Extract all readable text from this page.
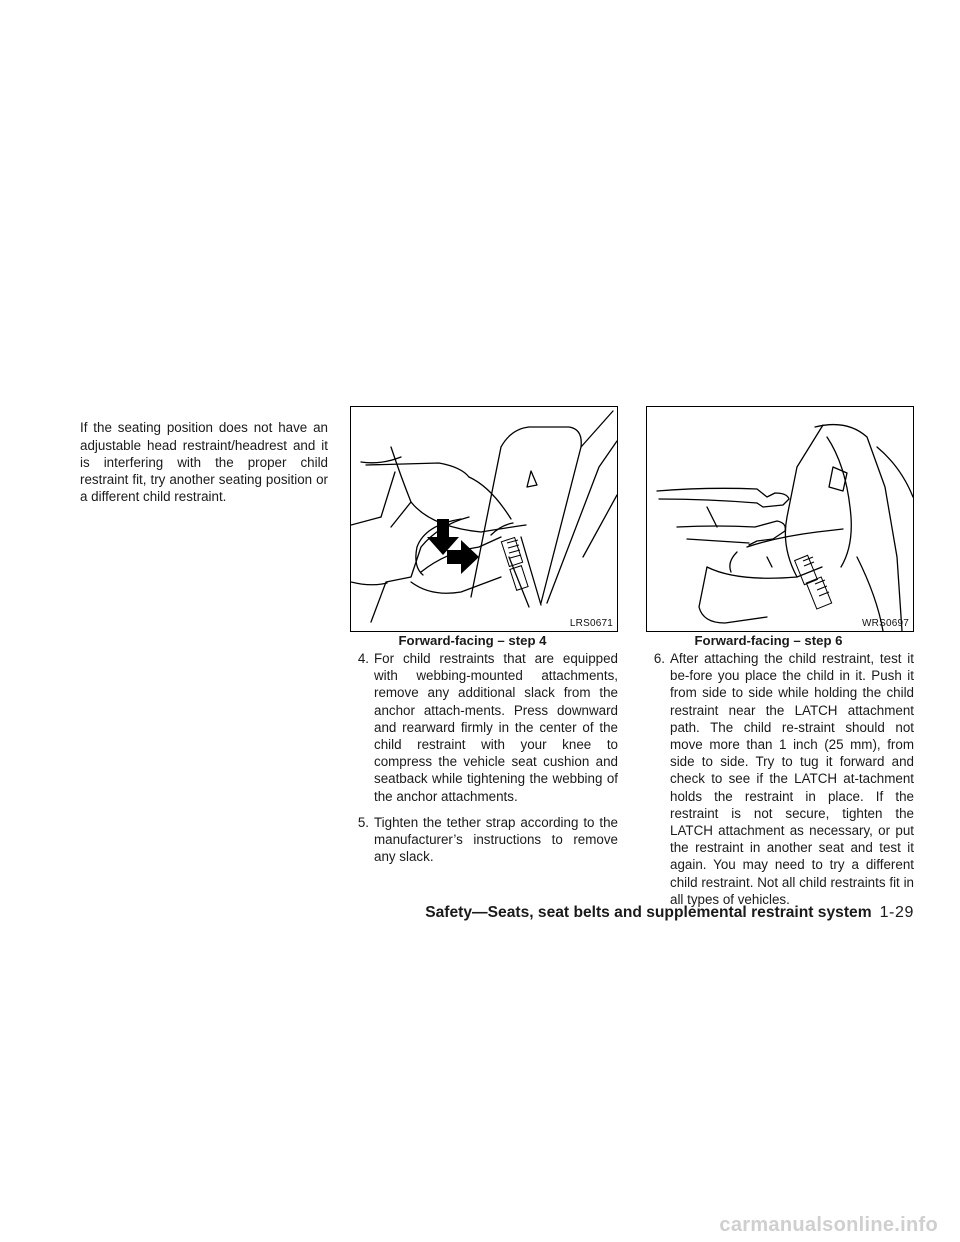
If the seating position does not have an adjustable head restraint/headrest and it is interfering with the proper child restraint fit, try another seating position or a different child restraint.

LRS0671	WRS0697
Forward-facing – step 4	Forward-facing – step 6
4. For child restraints that are equipped with webbing-mounted attachments, remove any additional slack from the anchor attach-ments. Press downward and rearward firmly in the center of the child restraint with your knee to compress the vehicle seat cushion and seatback while tightening the webbing of the anchor attachments.
5. Tighten the tether strap according to the manufacturer’s instructions to remove any slack.
6. After attaching the child restraint, test it be-fore you place the child in it. Push it from side to side while holding the child restraint near the LATCH attachment path. The child re-straint should not move more than 1 inch (25 mm), from side to side. Try to tug it forward and check to see if the LATCH at-tachment holds the restraint in place. If the restraint is not secure, tighten the LATCH attachment as necessary, or put the restraint in another seat and test it again. You may need to try a different child restraint. Not all child restraints fit in all types of vehicles.
Safety—Seats, seat belts and supplemental restraint system 1-29
carmanualsonline.info
